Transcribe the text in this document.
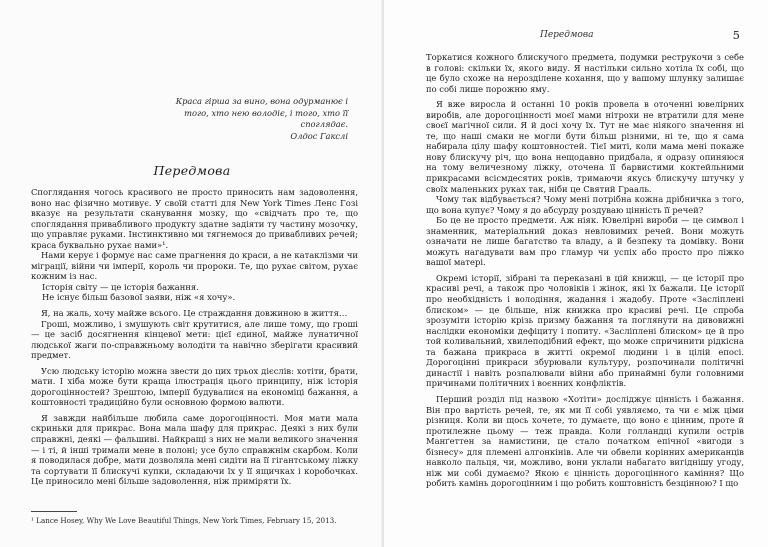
Краса гірша за вино, вона одурманює і того, хто нею володіє, і того, хто її споглядає.
Олдос Гакслі
Передмова

Споглядання чогось красивого не просто приносить нам задоволення, воно нас фізично мотивує. У своїй статті для New York Times Ленс Гозі вказує на результати сканування мозку, що «свідчать про те, що споглядання привабливого продукту здатне задіяти ту частину мозочку, що управляє руками. Інстинктивно ми тягнемося до привабливих речей; краса буквально рухає нами»¹.

Нами керує і формує нас саме прагнення до краси, а не катаклізми чи міграції, війни чи імперії, король чи пророки. Те, що рухає світом, рухає кожним із нас.

Історія світу — це історія бажання.

Не існує більш базової заяви, ніж «я хочу».

Я, на жаль, хочу майже всього. Це страждання довжиною в життя…

Гроші, можливо, і змушують світ крутитися, але лише тому, що гроші — це засіб досягнення кінцевої мети: цієї єдиної, майже лунатичної людської жаги по-справжньому володіти та навічно зберігати красивий предмет.

Усю людську історію можна звести до цих трьох дієслів: хотіти, брати, мати. І хіба може бути краща ілюстрація цього принципу, ніж історія дорогоцінностей? Зрештою, імперії будувалися на економіці бажання, а коштовності традиційно були основною формою валюти.

Я завжди найбільше любила саме дорогоцінності. Моя мати мала скриньки для прикрас. Вона мала шафу для прикрас. Деякі з них були справжні, деякі — фальшиві. Найкращі з них не мали великого значення — і ті, й інші тримали мене в полоні; усе було справжнім скарбом. Коли я поводилася добре, мати дозволяла мені сидіти на її гігантському ліжку та сортувати її блискучі купки, складаючи їх у її ящичках і коробочках. Це приносило мені більше задоволення, ніж приміряти їх.

¹ Lance Hosey, Why We Love Beautiful Things, New York Times, February 15, 2013.
Передмова	5

Торкатися кожного блискучого предмета, подумки реструкочи з себе в голові: скільки їх, якого виду. Я настільки сильно хотіла їх собі, що це було схоже на нерозділене кохання, що у вашому шлунку залишає по собі лише порожню яму.

Я вже виросла й останні 10 років провела в оточенні ювелірних виробів, але дорогоцінності моєї мами нітрохи не втратили для мене своєї магічної сили. Я й досі хочу їх. Тут не має ніякого значення ні те, що наші смаки не могли бути більш різними, ні те, що я сама набирала цілу шафу коштовностей. Тієї миті, коли мама мені покаже нову блискучу річ, що вона нещодавно придбала, я одразу опиняюся на тому величезному ліжку, оточена її барвистими коктейльними прикрасами всісмдесятих років, тримаючи якусь блискучу штучку у своїх маленьких руках так, ніби це Святий Грааль.

Чому так відбувається? Чому мені потрібна кожна дрібничка з того, що вона купує? Чому я до абсурду роздуваю цінність її речей?

Бо це не просто предмети. Аж ніяк. Ювелірні вироби — це символ і знаменник, матеріальний доказ невловимих речей. Вони можуть означати не лише багатство та владу, а й безпеку та домівку. Вони можуть нагадувати вам про гламур чи успіх або просто про ліжко вашої матері.

Окремі історії, зібрані та переказані в цій книжці, — це історії про красиві речі, а також про чоловіків і жінок, які їх бажали. Це історії про необхідність і володіння, жадання і жадобу. Проте «Засліплені блиском» — це більше, ніж книжка про красиві речі. Це спроба зрозуміти історію крізь призму бажання та поглянути на дивовижні наслідки економіки дефіциту і попиту. «Засліплені блиском» це й про той коливальний, хвилеподібний ефект, що може спричинити рідкісна та бажана прикраса в житті окремої людини і в цілій епосі. Дорогоцінні прикраси збурювали культуру, розпочинали політичні династії і навіть розпалювали війни або принаймні були головними причинами політичних і воєнних конфліктів.

Перший розділ під назвою «Хотіти» досліджує цінність і бажання. Він про вартість речей, те, як ми її собі уявляємо, та чи є між ціми різниця. Коли ви щось хочете, то думаєте, що воно є цінним, проте й протилежне цьому — теж правда. Коли голландці купили острів Манґеттен за намистини, це стало початком епічної «вигоди з бізнесу» для племені алгонкінів. Але чи обвели корінних американців навколо пальця, чи, можливо, вони уклали набагато вигіднішу угоду, ніж ми собі думаємо? Якою є цінність дорогоцінного каміння? Що робить камінь дорогоцінним і що робить коштовність безцінною? І що
